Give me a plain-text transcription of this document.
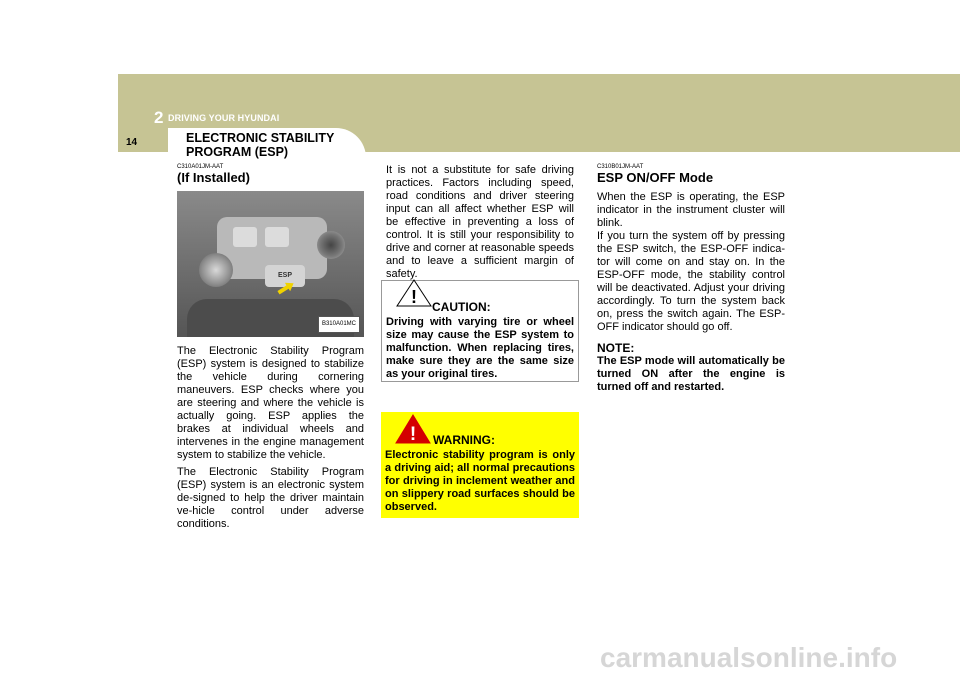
2 DRIVING YOUR HYUNDAI
14	ELECTRONIC STABILITY PROGRAM (ESP)
C310A01JM-AAT
(If Installed)
ESP
B310A01MC

The Electronic Stability Program (ESP) system is designed to stabilize the vehicle during cornering maneuvers. ESP checks where you are steering and where the vehicle is actually going. ESP applies the brakes at individual wheels and intervenes in the engine management system to stabilize the vehicle.

The Electronic Stability Program (ESP) system is an electronic system de-signed to help the driver maintain ve-hicle control under adverse conditions.

It is not a substitute for safe driving practices. Factors including speed, road conditions and driver steering input can all affect whether ESP will be effective in preventing a loss of control. It is still your responsibility to drive and corner at reasonable speeds and to leave a sufficient margin of safety.

! CAUTION:
Driving with varying tire or wheel size may cause the ESP system to malfunction. When replacing tires, make sure they are the same size as your original tires.
! WARNING:
Electronic stability program is only a driving aid; all normal precautions for driving in inclement weather and on slippery road surfaces should be observed.
C310B01JM-AAT
ESP ON/OFF Mode

When the ESP is operating, the ESP indicator in the instrument cluster will blink.
If you turn the system off by pressing the ESP switch, the ESP-OFF indica-tor will come on and stay on. In the ESP-OFF mode, the stability control will be deactivated. Adjust your driving accordingly. To turn the system back on, press the switch again. The ESP-OFF indicator should go off.

NOTE:
The ESP mode will automatically be turned ON after the engine is turned off and restarted.
carmanualsonline.info
